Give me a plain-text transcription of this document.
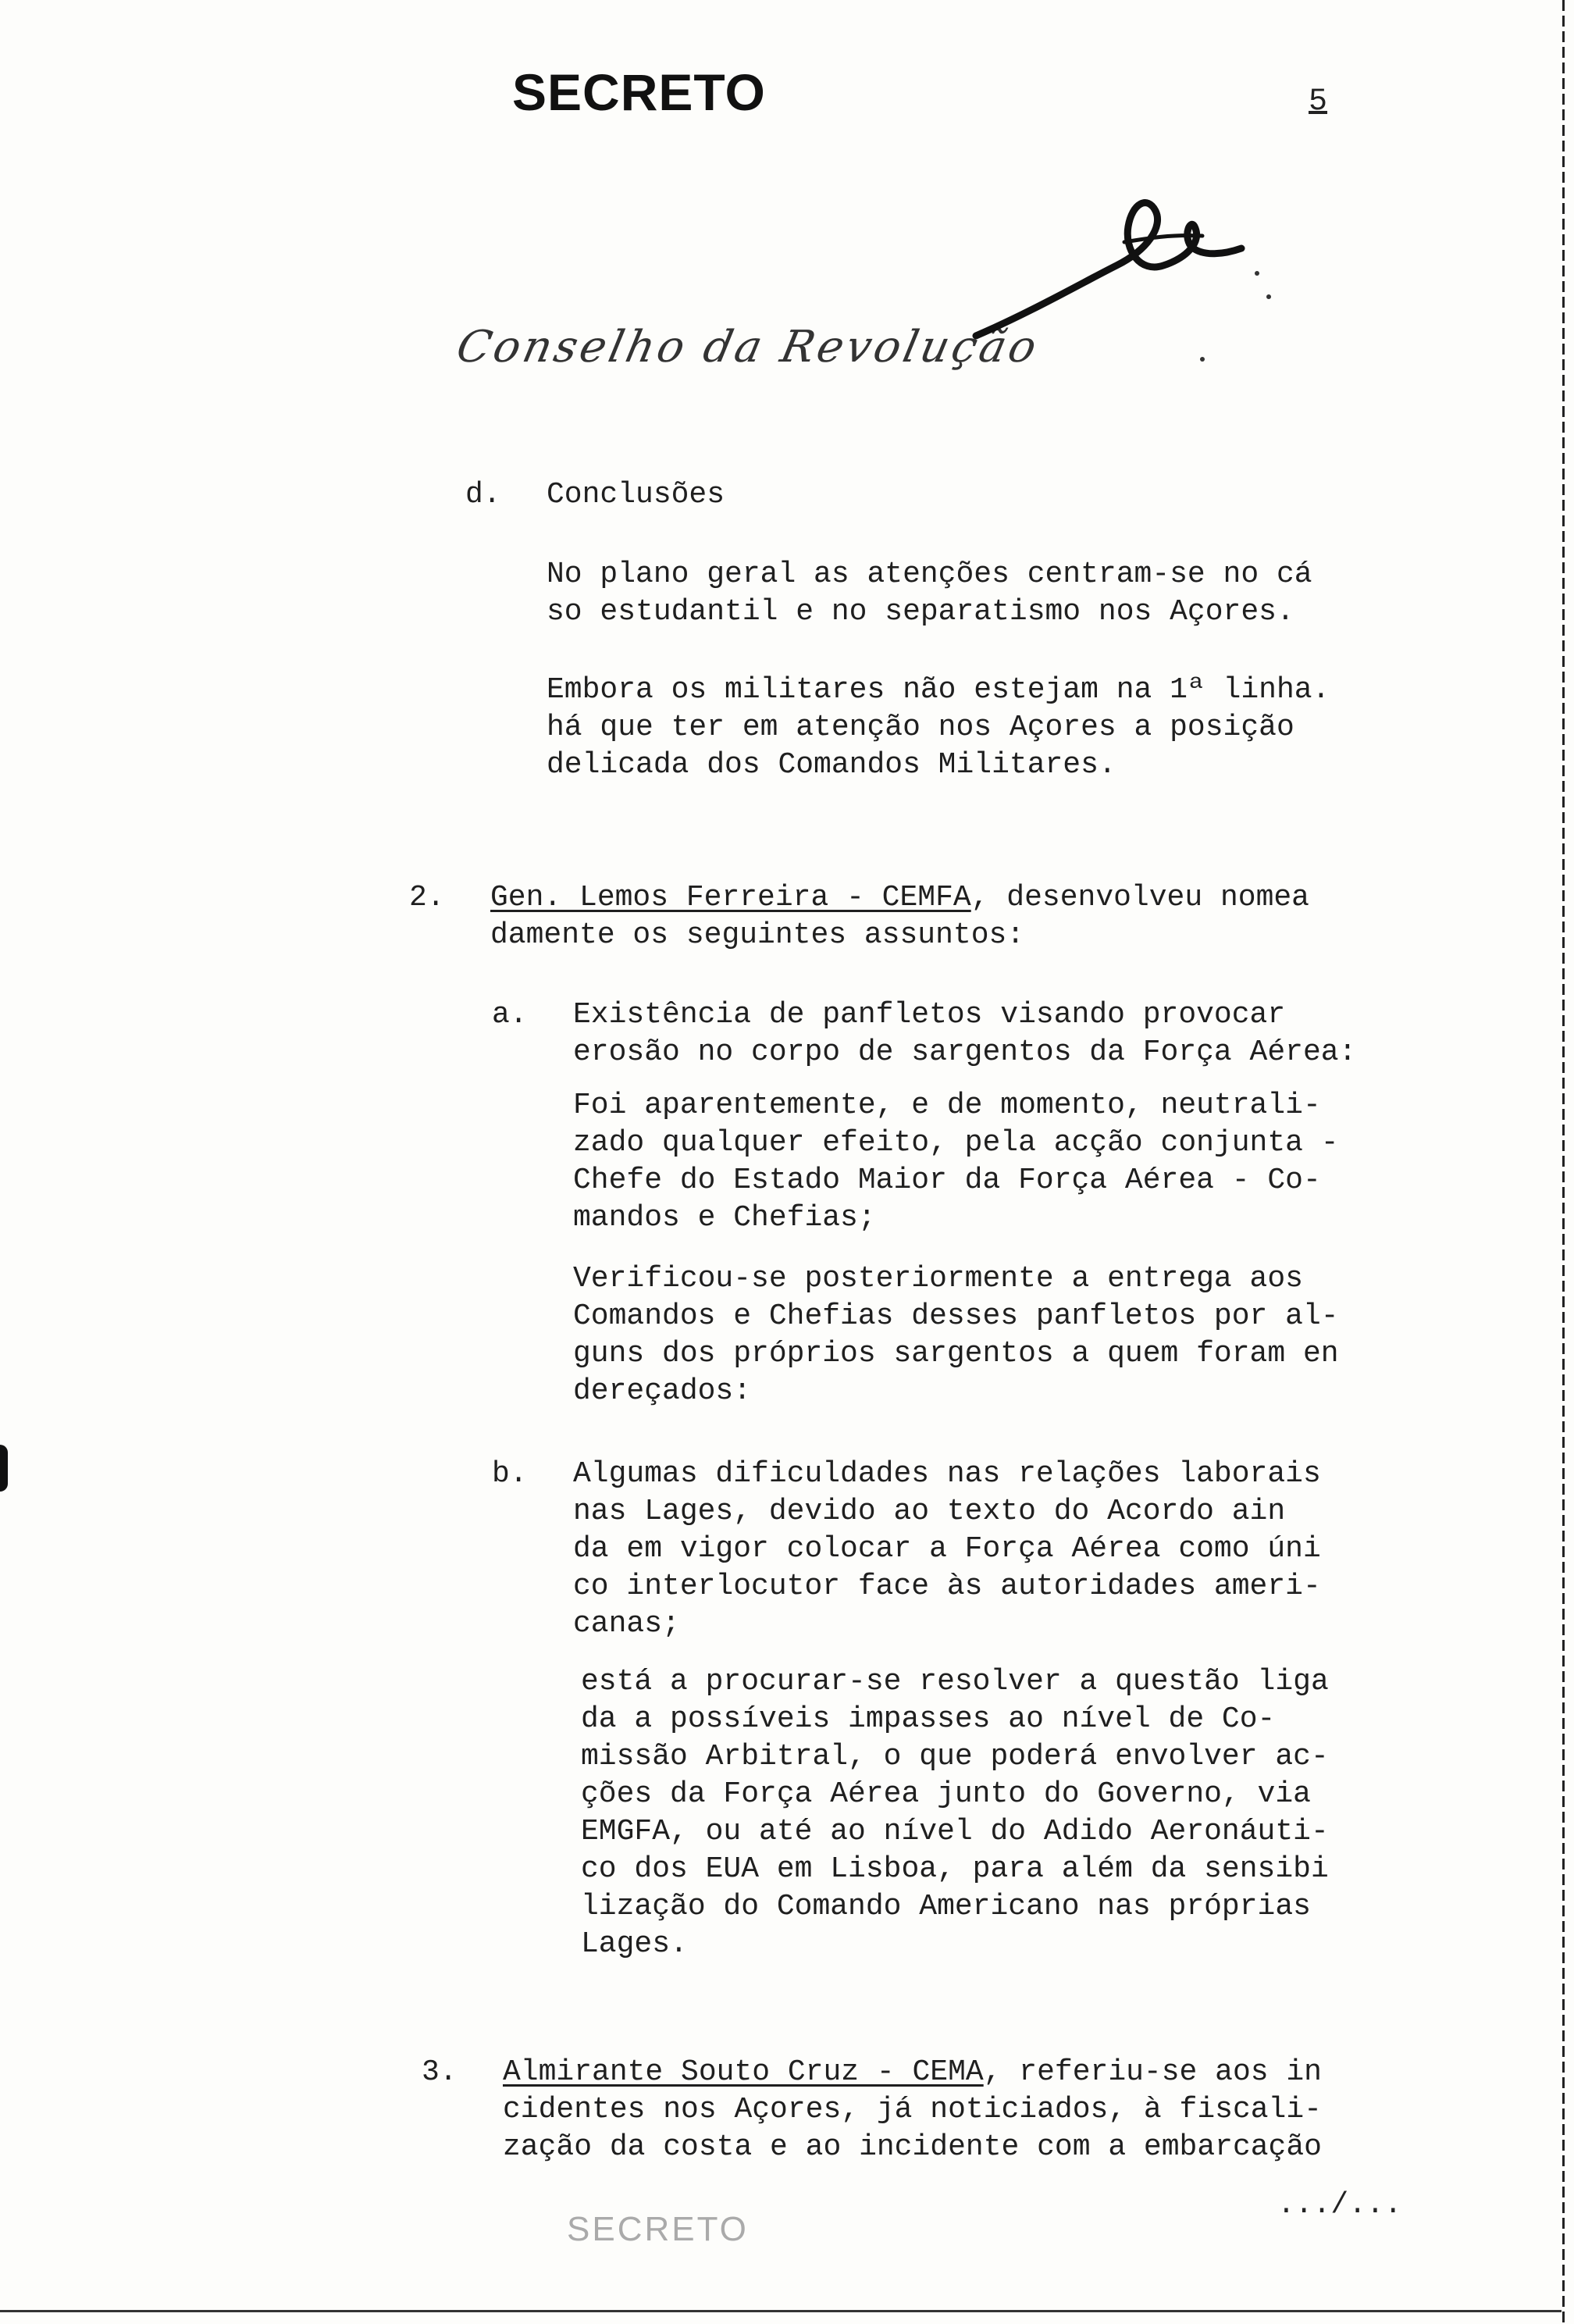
SECRETO	5
Conselho da Revolução
d. Conclusões
No plano geral as atenções centram-se no cá
so estudantil e no separatismo nos Açores.
Embora os militares não estejam na 1ª linha.
há que ter em atenção nos Açores a posição
delicada dos Comandos Militares.
2. Gen. Lemos Ferreira - CEMFA, desenvolveu nomea
damente os seguintes assuntos:
a. Existência de panfletos visando provocar
erosão no corpo de sargentos da Força Aérea:
Foi aparentemente, e de momento, neutrali-
zado qualquer efeito, pela acção conjunta -
Chefe do Estado Maior da Força Aérea - Co-
mandos e Chefias;
Verificou-se posteriormente a entrega aos
Comandos e Chefias desses panfletos por al-
guns dos próprios sargentos a quem foram en
dereçados:
b. Algumas dificuldades nas relações laborais
nas Lages, devido ao texto do Acordo ain
da em vigor colocar a Força Aérea como úni
co interlocutor face às autoridades ameri-
canas;
está a procurar-se resolver a questão liga
da a possíveis impasses ao nível de Co-
missão Arbitral, o que poderá envolver ac-
ções da Força Aérea junto do Governo, via
EMGFA, ou até ao nível do Adido Aeronáuti-
co dos EUA em Lisboa, para além da sensibi
lização do Comando Americano nas próprias
Lages.
3. Almirante Souto Cruz - CEMA, referiu-se aos in
cidentes nos Açores, já noticiados, à fiscali-
zação da costa e ao incidente com a embarcação
.../...
SECRETO
